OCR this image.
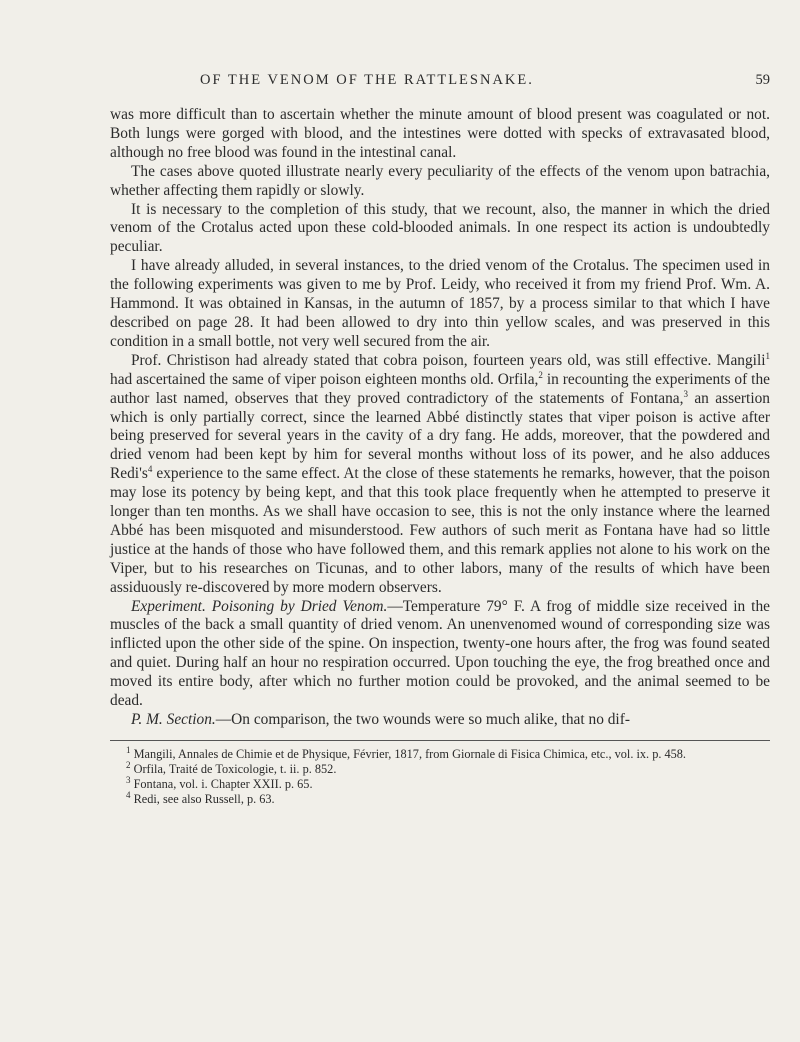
OF THE VENOM OF THE RATTLESNAKE.	59

was more difficult than to ascertain whether the minute amount of blood present was coagulated or not. Both lungs were gorged with blood, and the intestines were dotted with specks of extravasated blood, although no free blood was found in the intestinal canal.

The cases above quoted illustrate nearly every peculiarity of the effects of the venom upon batrachia, whether affecting them rapidly or slowly.

It is necessary to the completion of this study, that we recount, also, the manner in which the dried venom of the Crotalus acted upon these cold-blooded animals. In one respect its action is undoubtedly peculiar.

I have already alluded, in several instances, to the dried venom of the Crotalus. The specimen used in the following experiments was given to me by Prof. Leidy, who received it from my friend Prof. Wm. A. Hammond. It was obtained in Kansas, in the autumn of 1857, by a process similar to that which I have described on page 28. It had been allowed to dry into thin yellow scales, and was preserved in this condition in a small bottle, not very well secured from the air.

Prof. Christison had already stated that cobra poison, fourteen years old, was still effective. Mangili$^1$ had ascertained the same of viper poison eighteen months old. Orfila,$^2$ in recounting the experiments of the author last named, observes that they proved contradictory of the statements of Fontana,$^3$ an assertion which is only partially correct, since the learned Abbé distinctly states that viper poison is active after being preserved for several years in the cavity of a dry fang. He adds, moreover, that the powdered and dried venom had been kept by him for several months without loss of its power, and he also adduces $Redi's^4$ experience to the same effect. At the close of these statements he remarks, however, that the poison may lose its potency by being kept, and that this took place frequently when he attempted to preserve it longer than ten months. As we shall have occasion to see, this is not the only instance where the learned Abbé has been misquoted and misunderstood. Few authors of such merit as Fontana have had so little justice at the hands of those who have followed them, and this remark applies not alone to his work on the Viper, but to his researches on Ticunas, and to other labors, many of the results of which have been assiduously re-discovered by more modern observers.

Experiment. Poisoning by Dried Venom.—Temperature 79° F. A frog of middle size received in the muscles of the back a small quantity of dried venom. An unenvenomed wound of corresponding size was inflicted upon the other side of the spine. On inspection, twenty-one hours after, the frog was found seated and quiet. During half an hour no respiration occurred. Upon touching the eye, the frog breathed once and moved its entire body, after which no further motion could be provoked, and the animal seemed to be dead.

P. M. Section.—On comparison, the two wounds were so much alike, that no dif-

$^1$ Mangili, Annales de Chimie et de Physique, Février, 1817, from Giornale di Fisica Chimica, etc., vol. ix. p. 458.

$^2$ Orfila, Traité de Toxicologie, t. ii. p. 852.

$^3$ Fontana, vol. i. Chapter XXII. p. 65.

$^4$ Redi, see also Russell, p. 63.
